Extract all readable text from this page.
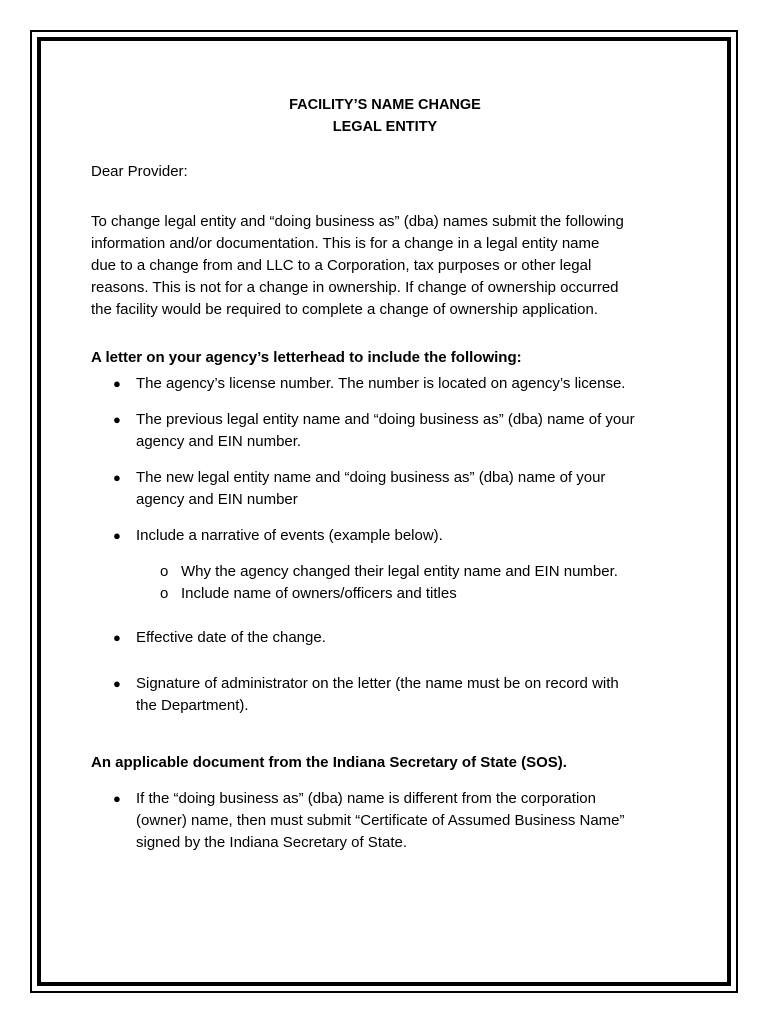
FACILITY’S NAME CHANGE

LEGAL ENTITY

Dear Provider:

To change legal entity and “doing business as” (dba) names submit the following

information and/or documentation. This is for a change in a legal entity name

due to a change from and LLC to a Corporation, tax purposes or other legal

reasons. This is not for a change in ownership. If change of ownership occurred

the facility would be required to complete a change of ownership application.

A letter on your agency’s letterhead to include the following:

● The agency’s license number. The number is located on agency’s license.

● The previous legal entity name and “doing business as” (dba) name of your

agency and EIN number.

● The new legal entity name and “doing business as” (dba) name of your

agency and EIN number

● Include a narrative of events (example below).

o Why the agency changed their legal entity name and EIN number.

o Include name of owners/officers and titles

● Effective date of the change.

● Signature of administrator on the letter (the name must be on record with

the Department).

An applicable document from the Indiana Secretary of State (SOS).

● If the “doing business as” (dba) name is different from the corporation

(owner) name, then must submit “Certificate of Assumed Business Name”

signed by the Indiana Secretary of State.
